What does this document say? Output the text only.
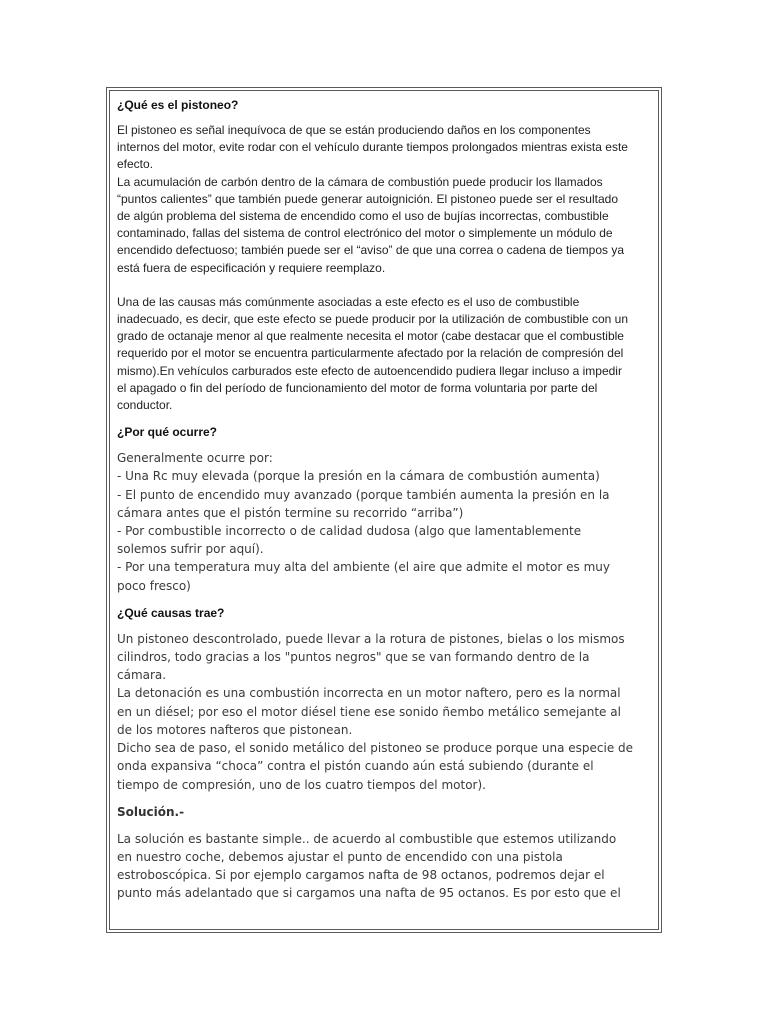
¿Qué es el pistoneo?
El pistoneo es señal inequívoca de que se están produciendo daños en los componentes
internos del motor, evite rodar con el vehículo durante tiempos prolongados mientras exista este
efecto.
La acumulación de carbón dentro de la cámara de combustión puede producir los llamados
“puntos calientes” que también puede generar autoignición. El pistoneo puede ser el resultado
de algún problema del sistema de encendido como el uso de bujías incorrectas, combustible
contaminado, fallas del sistema de control electrónico del motor o simplemente un módulo de
encendido defectuoso; también puede ser el “aviso” de que una correa o cadena de tiempos ya
está fuera de especificación y requiere reemplazo.
Una de las causas más comúnmente asociadas a este efecto es el uso de combustible
inadecuado, es decir, que este efecto se puede producir por la utilización de combustible con un
grado de octanaje menor al que realmente necesita el motor (cabe destacar que el combustible
requerido por el motor se encuentra particularmente afectado por la relación de compresión del
mismo).En vehículos carburados este efecto de autoencendido pudiera llegar incluso a impedir
el apagado o fin del período de funcionamiento del motor de forma voluntaria por parte del
conductor.
¿Por qué ocurre?
Generalmente ocurre por:
- Una Rc muy elevada (porque la presión en la cámara de combustión aumenta)
- El punto de encendido muy avanzado (porque también aumenta la presión en la
cámara antes que el pistón termine su recorrido “arriba”)
- Por combustible incorrecto o de calidad dudosa (algo que lamentablemente
solemos sufrir por aquí).
- Por una temperatura muy alta del ambiente (el aire que admite el motor es muy
poco fresco)
¿Qué causas trae?
Un pistoneo descontrolado, puede llevar a la rotura de pistones, bielas o los mismos
cilindros, todo gracias a los "puntos negros" que se van formando dentro de la
cámara.
La detonación es una combustión incorrecta en un motor naftero, pero es la normal
en un diésel; por eso el motor diésel tiene ese sonido ñembo metálico semejante al
de los motores nafteros que pistonean.
Dicho sea de paso, el sonido metálico del pistoneo se produce porque una especie de
onda expansiva “choca” contra el pistón cuando aún está subiendo (durante el
tiempo de compresión, uno de los cuatro tiempos del motor).
Solución.-
La solución es bastante simple.. de acuerdo al combustible que estemos utilizando
en nuestro coche, debemos ajustar el punto de encendido con una pistola
estroboscópica. Si por ejemplo cargamos nafta de 98 octanos, podremos dejar el
punto más adelantado que si cargamos una nafta de 95 octanos. Es por esto que el
